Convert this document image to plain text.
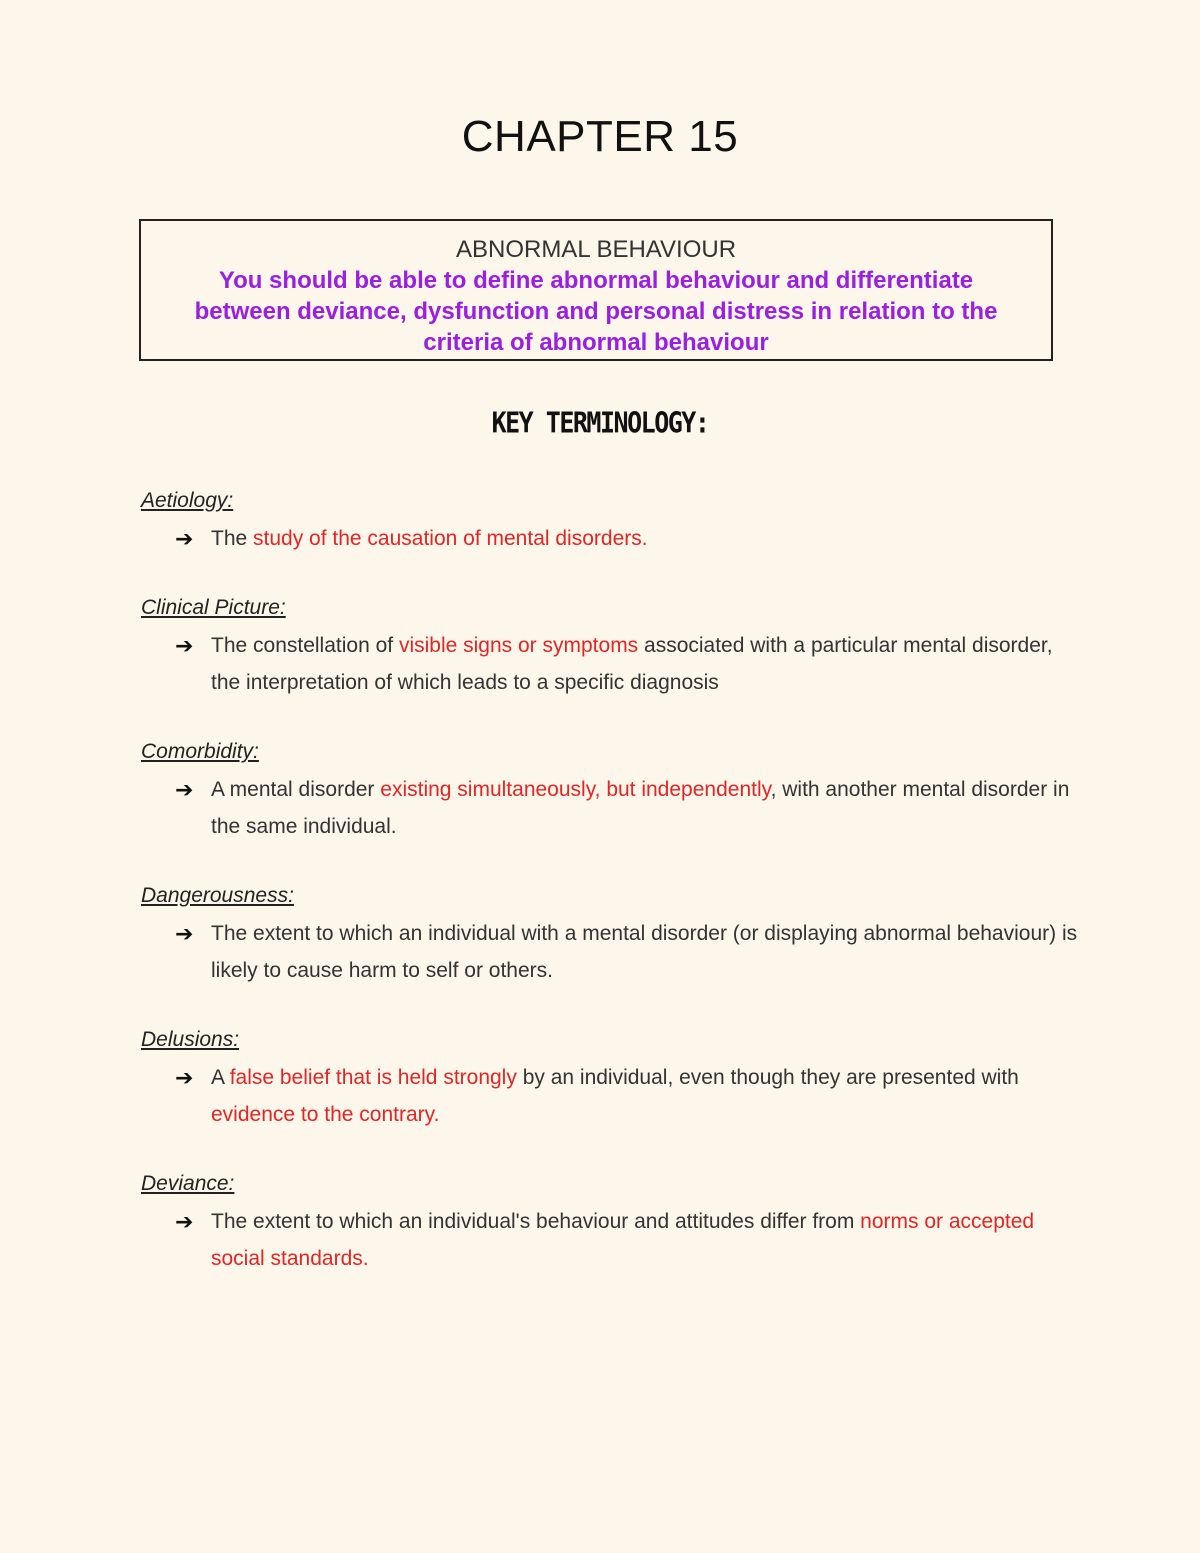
CHAPTER 15
ABNORMAL BEHAVIOUR
You should be able to define abnormal behaviour and differentiate between deviance, dysfunction and personal distress in relation to the criteria of abnormal behaviour
KEY TERMINOLOGY:
Aetiology:
➔ The study of the causation of mental disorders.
Clinical Picture:
➔ The constellation of visible signs or symptoms associated with a particular mental disorder, the interpretation of which leads to a specific diagnosis
Comorbidity:
➔ A mental disorder existing simultaneously, but independently, with another mental disorder in the same individual.
Dangerousness:
➔ The extent to which an individual with a mental disorder (or displaying abnormal behaviour) is likely to cause harm to self or others.
Delusions:
➔ A false belief that is held strongly by an individual, even though they are presented with evidence to the contrary.
Deviance:
➔ The extent to which an individual's behaviour and attitudes differ from norms or accepted social standards.
